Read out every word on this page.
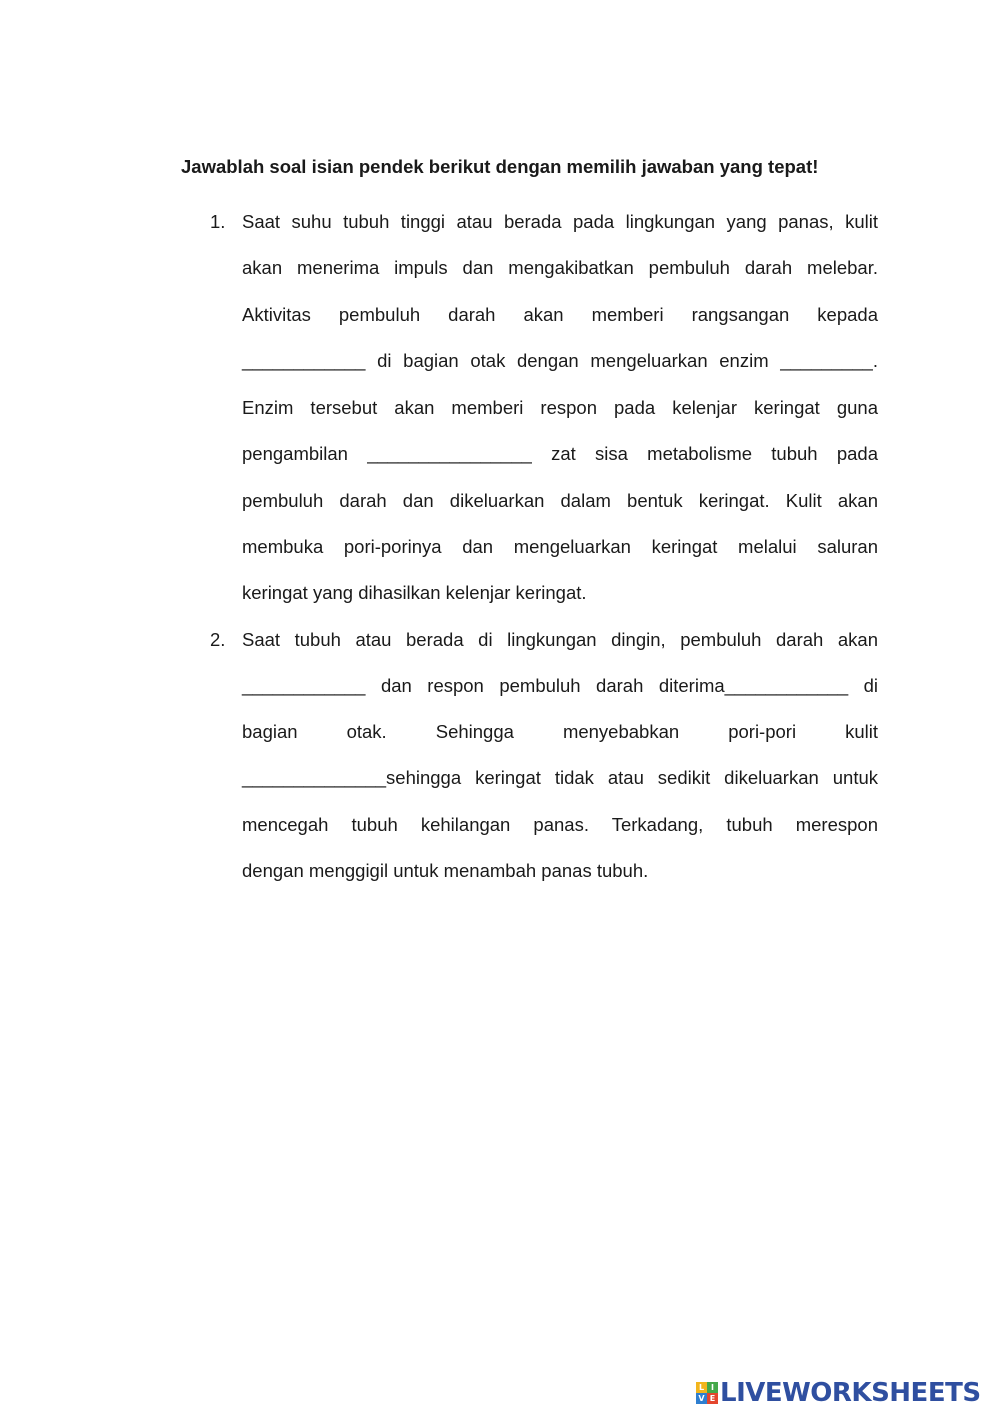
Jawablah soal isian pendek berikut dengan memilih jawaban yang tepat!
1. Saat suhu tubuh tinggi atau berada pada lingkungan yang panas, kulit
akan menerima impuls dan mengakibatkan pembuluh darah melebar.
Aktivitas pembuluh darah akan memberi rangsangan kepada
____________ di bagian otak dengan mengeluarkan enzim _________.
Enzim tersebut akan memberi respon pada kelenjar keringat guna
pengambilan ________________ zat sisa metabolisme tubuh pada
pembuluh darah dan dikeluarkan dalam bentuk keringat. Kulit akan
membuka pori-porinya dan mengeluarkan keringat melalui saluran
keringat yang dihasilkan kelenjar keringat.
2. Saat tubuh atau berada di lingkungan dingin, pembuluh darah akan
____________ dan respon pembuluh darah diterima____________ di
bagian otak. Sehingga menyebabkan pori-pori kulit
______________sehingga keringat tidak atau sedikit dikeluarkan untuk
mencegah tubuh kehilangan panas. Terkadang, tubuh merespon
dengan menggigil untuk menambah panas tubuh.
L I
V E LIVEWORKSHEETS
